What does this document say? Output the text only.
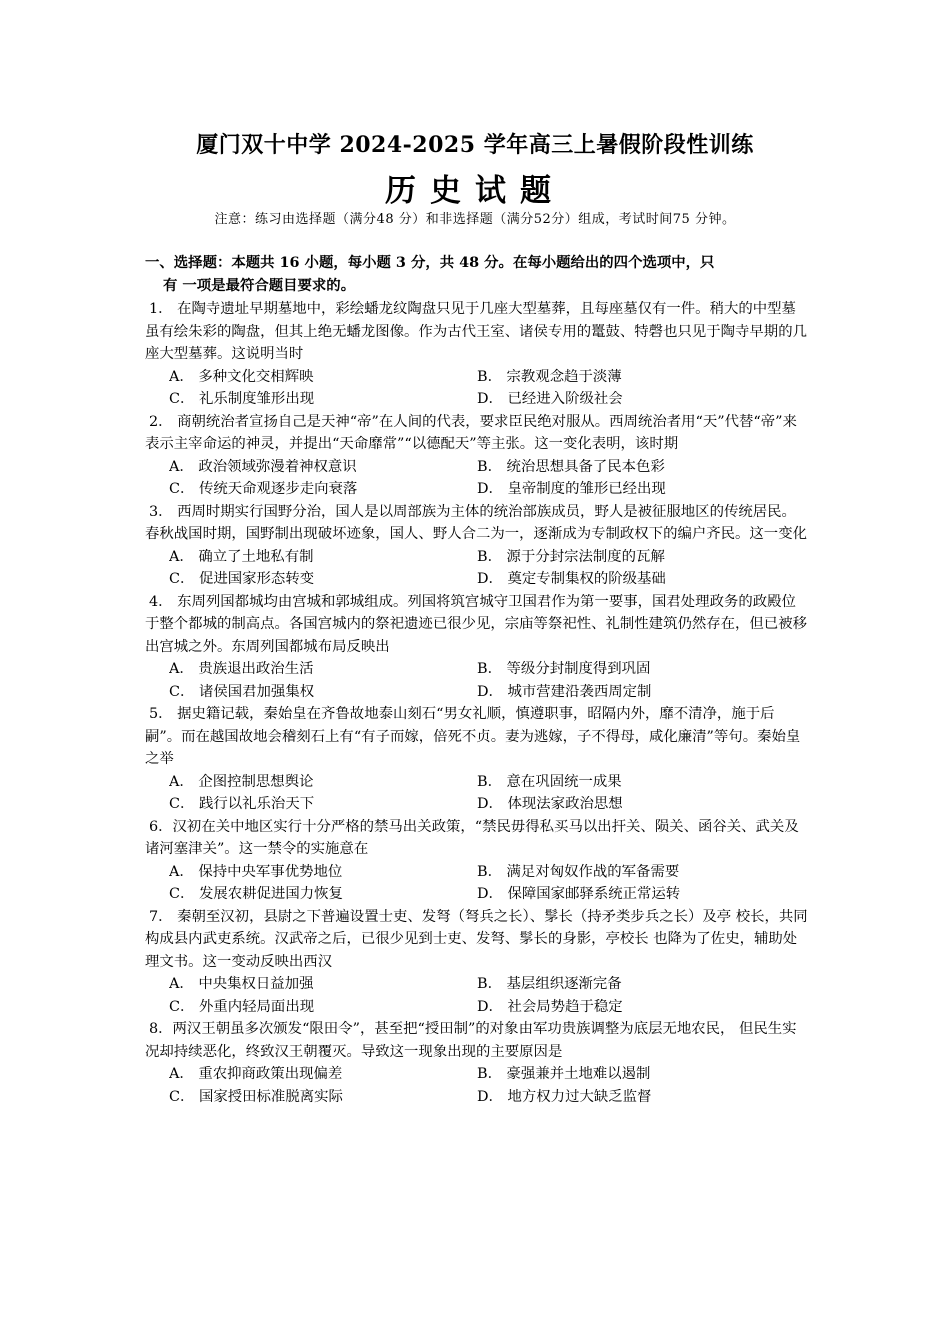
厦门双十中学 2024-2025 学年高三上暑假阶段性训练
历史试题
注意：练习由选择题（满分48 分）和非选择题（满分52分）组成，考试时间75 分钟。
一、选择题：本题共 16 小题，每小题 3 分，共 48 分。在每小题给出的四个选项中，只
有 一项是最符合题目要求的。
1． 在陶寺遗址早期墓地中，彩绘蟠龙纹陶盘只见于几座大型墓葬，且每座墓仅有一件。稍大的中型墓虽有绘朱彩的陶盘，但其上绝无蟠龙图像。作为古代王室、诸侯专用的鼍鼓、特磬也只见于陶寺早期的几座大型墓葬。这说明当时
A． 多种文化交相辉映	B． 宗教观念趋于淡薄
C． 礼乐制度雏形出现	D． 已经进入阶级社会
2． 商朝统治者宣扬自己是天神“帝”在人间的代表，要求臣民绝对服从。西周统治者用“天”代替“帝”来表示主宰命运的神灵，并提出“天命靡常”“以德配天”等主张。这一变化表明，该时期
A． 政治领域弥漫着神权意识	B． 统治思想具备了民本色彩
C． 传统天命观逐步走向衰落	D． 皇帝制度的雏形已经出现
3． 西周时期实行国野分治，国人是以周部族为主体的统治部族成员，野人是被征服地区的传统居民。春秋战国时期，国野制出现破坏迹象，国人、野人合二为一，逐渐成为专制政权下的编户齐民。这一变化
A． 确立了土地私有制	B． 源于分封宗法制度的瓦解
C． 促进国家形态转变	D． 奠定专制集权的阶级基础
4． 东周列国都城均由宫城和郭城组成。列国将筑宫城守卫国君作为第一要事，国君处理政务的政殿位于整个都城的制高点。各国宫城内的祭祀遗迹已很少见，宗庙等祭祀性、礼制性建筑仍然存在，但已被移出宫城之外。东周列国都城布局反映出
A． 贵族退出政治生活	B． 等级分封制度得到巩固
C． 诸侯国君加强集权	D． 城市营建沿袭西周定制
5． 据史籍记载，秦始皇在齐鲁故地泰山刻石“男女礼顺，慎遵职事，昭隔内外，靡不清净，施于后嗣”。而在越国故地会稽刻石上有“有子而嫁，倍死不贞。妻为逃嫁，子不得母，咸化廉清”等句。秦始皇之举
A． 企图控制思想舆论	B． 意在巩固统一成果
C． 践行以礼乐治天下	D． 体现法家政治思想
6．汉初在关中地区实行十分严格的禁马出关政策，“禁民毋得私买马以出扞关、陨关、函谷关、武关及诸河塞津关”。这一禁令的实施意在
A． 保持中央军事优势地位	B． 满足对匈奴作战的军备需要
C． 发展农耕促进国力恢复	D． 保障国家邮驿系统正常运转
7． 秦朝至汉初，县尉之下普遍设置士吏、发弩（弩兵之长）、髳长（持矛类步兵之长）及亭 校长，共同构成县内武吏系统。汉武帝之后，已很少见到士吏、发弩、髳长的身影，亭校长 也降为了佐史，辅助处理文书。这一变动反映出西汉
A． 中央集权日益加强	B． 基层组织逐渐完备
C． 外重内轻局面出现	D． 社会局势趋于稳定
8．两汉王朝虽多次颁发“限田令”，甚至把“授田制”的对象由军功贵族调整为底层无地农民， 但民生实况却持续恶化，终致汉王朝覆灭。导致这一现象出现的主要原因是
A． 重农抑商政策出现偏差	B． 豪强兼并土地难以遏制
C． 国家授田标准脱离实际	D． 地方权力过大缺乏监督
